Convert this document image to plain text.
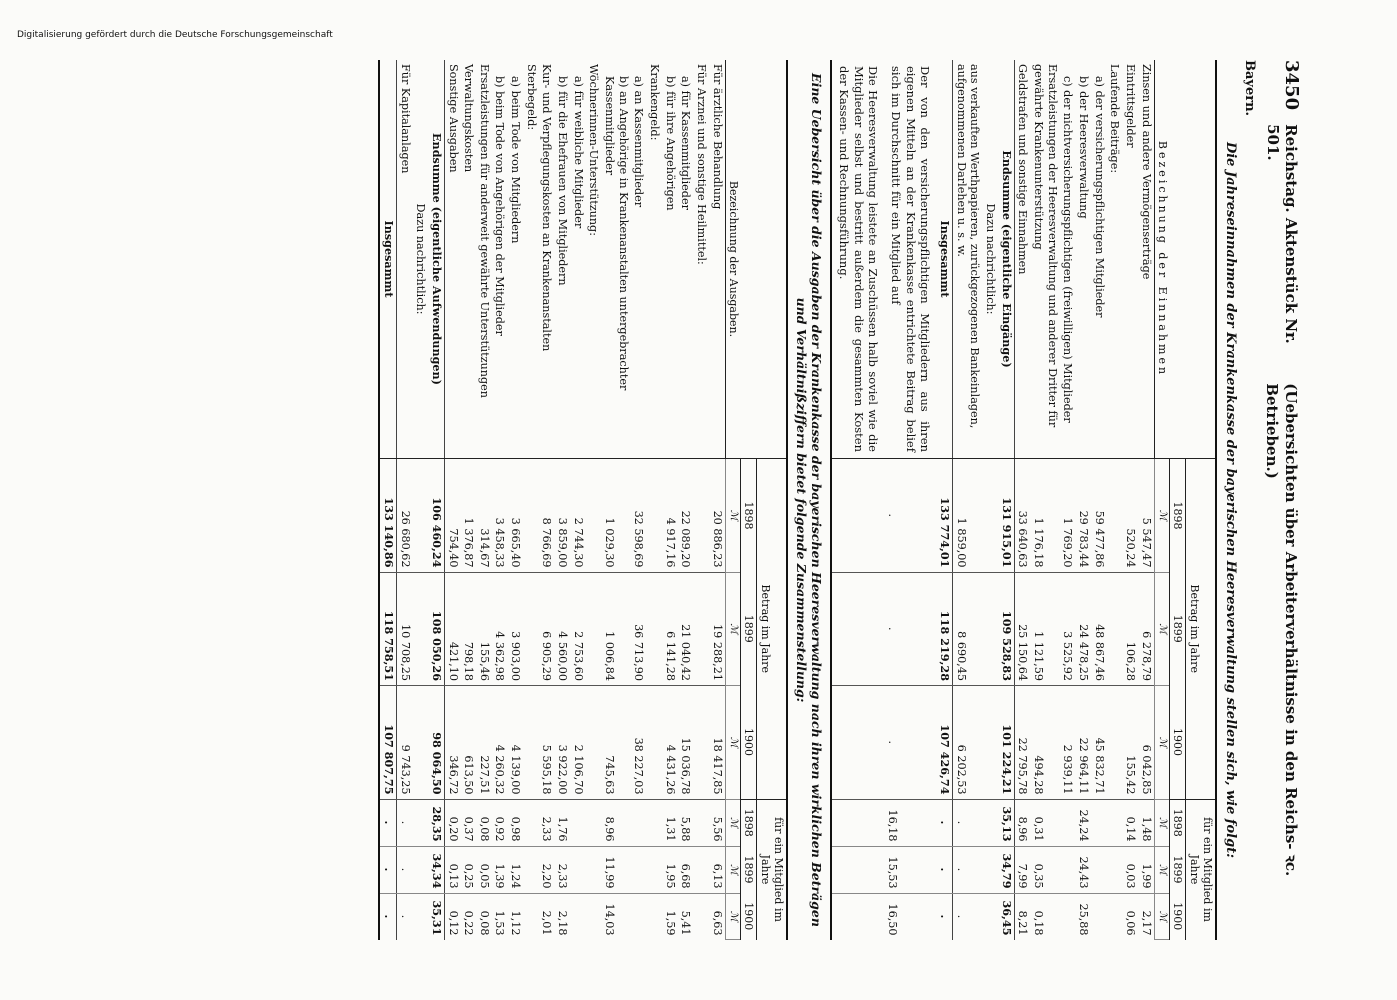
3450
Reichstag. Aktenstück Nr. 501.
(Uebersichten über Arbeiterverhältnisse in den Reichs- ꝛc. Betrieben.)
Bayern.
Die Jahreseinnahmen der Krankenkasse der bayerischen Heeresverwaltung stellen sich, wie folgt:
Bezeichnung der Einnahmen	Betrag im Jahre			für ein Mitglied im Jahre		
	1898	1899	1900	1898	1899	1900
	ℳ	ℳ	ℳ	ℳ	ℳ	ℳ
Zinsen und andere Vermögenserträge	5 547,47	6 278,79	6 042,85	1,48	1,99	2,17
Eintrittsgelder	520,24	106,28	155,42	0,14	0,03	0,06
Laufende Beiträge:						
a) der versicherungspflichtigen Mitglieder	59 477,86	48 867,46	45 832,71			
b) der Heeresverwaltung	29 783,44	24 478,25	22 964,11	24,24	24,43	25,88
c) der nichtversicherungspflichtigen (freiwilligen) Mitglieder	1 769,20	3 525,92	2 939,11			
Ersatzleistungen der Heeresverwaltung und anderer Dritter für gewährte Krankenunterstützung	1 176,18	1 121,59	494,28	0,31	0,35	0,18
Geldstrafen und sonstige Einnahmen	33 640,63	25 150,64	22 795,78	8,96	7,99	8,21
Endsumme (eigentliche Eingänge)	131 915,01	109 528,83	101 224,21	35,13	34,79	36,45
Dazu nachrichtlich:						
aus verkauften Werthpapieren, zurückgezogenen Bankeinlagen, aufgenommenen Darlehen u. s. w.	1 859,00	8 690,45	6 202,53	.	.	.
Insgesammt	133 774,01	118 219,28	107 426,74	.	.	.
Der von den versicherungspflichtigen Mitgliedern aus ihren eigenen Mitteln an der Krankenkasse entrichtete Beitrag belief sich im Durchschnitt für ein Mitglied auf	.	.	.	16,18	15,53	16,50
Die Heeresverwaltung leistete an Zuschüssen halb soviel wie die Mitglieder selbst und bestritt außerdem die gesammten Kosten der Kassen- und Rechnungsführung.						
Eine Uebersicht über die Ausgaben der Krankenkasse der bayerischen Heeresverwaltung nach ihren wirklichen Beträgen und Verhältnißziffern bietet folgende Zusammenstellung:
Bezeichnung der Ausgaben.	Betrag im Jahre			für ein Mitglied im Jahre		
	1898	1899	1900	1898	1899	1900
	ℳ	ℳ	ℳ	ℳ	ℳ	ℳ
Für ärztliche Behandlung	20 886,23	19 288,21	18 417,85	5,56	6,13	6,63
Für Arznei und sonstige Heilmittel:						
a) für Kassenmitglieder	22 089,20	21 040,42	15 036,78	5,88	6,68	5,41
b) für ihre Angehörigen	4 917,16	6 141,28	4 431,26	1,31	1,95	1,59
Krankengeld:						
a) an Kassenmitglieder	32 598,69	36 713,90	38 227,03			
b) an Angehörige in Krankenanstalten untergebrachter Kassenmitglieder	1 029,30	1 006,84	745,63	8,96	11,99	14,03
Wöchnerinnen-Unterstützung:						
a) für weibliche Mitglieder	2 744,30	2 753,60	2 106,70			
b) für die Ehefrauen von Mitgliedern	3 859,00	4 560,00	3 922,00	1,76	2,33	2,18
Kur- und Verpflegungskosten an Krankenanstalten	8 766,69	6 905,29	5 595,18	2,33	2,20	2,01
Sterbegeld:						
a) beim Tode von Mitgliedern	3 665,40	3 903,00	4 139,00	0,98	1,24	1,12
b) beim Tode von Angehörigen der Mitglieder	3 458,33	4 362,98	4 260,32	0,92	1,39	1,53
Ersatzleistungen für anderweit gewährte Unterstützungen	314,67	155,46	227,51	0,08	0,05	0,08
Verwaltungskosten	1 376,87	798,18	613,50	0,37	0,25	0,22
Sonstige Ausgaben	754,40	421,10	346,72	0,20	0,13	0,12
Endsumme (eigentliche Aufwendungen)	106 460,24	108 050,26	98 064,50	28,35	34,34	35,31
Dazu nachrichtlich:						
Für Kapitalanlagen	26 680,62	10 708,25	9 743,25	.	.	.
Insgesammt	133 140,86	118 758,51	107 807,75	.	.	.
Digitalisierung gefördert durch die Deutsche Forschungsgemeinschaft
